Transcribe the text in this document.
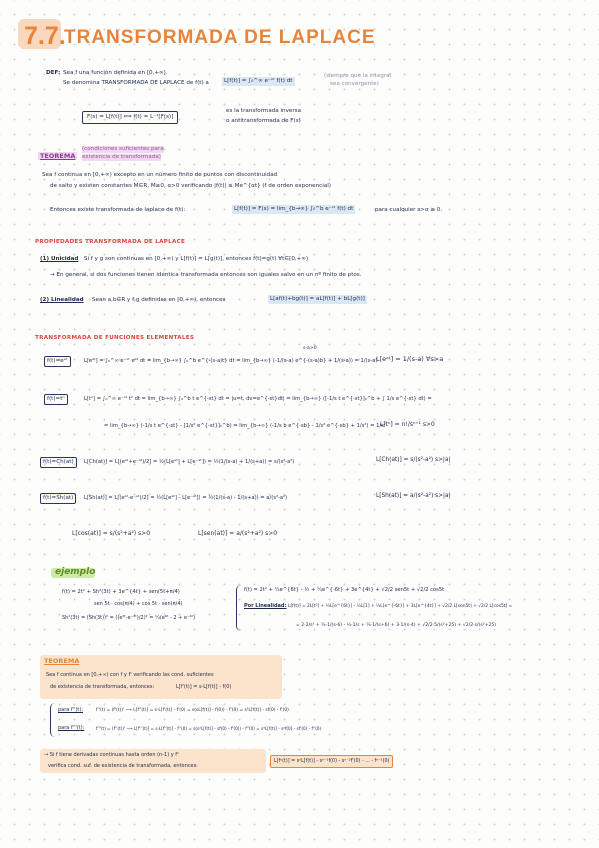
7.7.
TRANSFORMADA DE LAPLACE
DEF: Sea f una función definida en [0,+∞).
Se denomina TRANSFORMADA DE LAPLACE de f(t) a	L[f(t)] = ∫₀^∞ e⁻ˢᵗ f(t) dt
(siempre que la integral
sea convergente)
F(s) = L[f(t)] ⟺ f(t) = L⁻¹[F(s)]
es la transformada inversa
o antitransformada de F(s)
TEOREMA
(condiciones suficientes para
existencia de transformada)
Sea f continua en [0,+∞) excepto en un número finito de puntos con discontinuidad
de salto y existen constantes M∈R, M≥0, α>0 verificando |f(t)| ≤ Me^{αt} (f de orden exponencial)
Entonces existe transformada de laplace de f(t):	L[f(t)] = F(s) = lim_{b→∞} ∫₀^b e⁻ˢᵗ f(t) dt	para cualquier s>α ≥ 0.
PROPIEDADES TRANSFORMADA DE LAPLACE
(1) Unicidad Si f y g son continuas en [0,+∞) y L[f(t)] = L[g(t)], entonces f(t)=g(t) ∀t∈[0,+∞)
→ En general, si dos funciones tienen idéntica transformada entonces son iguales salvo en un nº finito de ptos.
(2) Linealidad Sean a,b∈R y f,g definidas en [0,+∞), entonces	L[af(t)+bg(t)] = aL[f(t)] + bL[g(t)]
TRANSFORMADA DE FUNCIONES ELEMENTALES
s-a>0
f(t)=eᵃᵗ	L[eᵃᵗ] = ∫₀^∞ e⁻ˢᵗ eᵃᵗ dt = lim_{b→∞} ∫₀^b e^{-(s-a)t} dt = lim_{b→∞} (-1/(s-a) e^{-(s-a)b} + 1/(s-a)) = 1/(s-a)
L[eᵃᵗ] = 1/(s-a) ∀s>a
f(t)=tⁿ	L[tⁿ] = ∫₀^∞ e⁻ˢᵗ tⁿ dt = lim_{b→∞} ∫₀^b t e^{-st} dt = |u=t, dv=e^{-st}dt| = lim_{b→∞} ([-1/s t e^{-st}]₀^b + ∫ 1/s e^{-st} dt) =
= lim_{b→∞} (-1/s t e^{-st} - [1/s² e^{-st}]₀^b) = lim_{b→∞} (-1/s b e^{-sb} - 1/s² e^{-sb} + 1/s²) = 1/s²
L[tⁿ] = n!/sⁿ⁺¹ s>0
f(t)=Ch(at)	L[Ch(at)] = L[(eᵃᵗ+e⁻ᵃᵗ)/2] = ½(L[eᵃᵗ] + L[e⁻ᵃᵗ]) = ½(1/(s-a) + 1/(s+a)) = s/(s²-a²)	L[Ch(at)] = s/(s²-a²) s>|a|
f(t)=Sh(at)	L[Sh(at)] = L[(eᵃᵗ-e⁻ᵃᵗ)/2] = ½(L[eᵃᵗ] - L[e⁻ᵃᵗ]) = ½(1/(s-a) - 1/(s+a)) = a/(s²-a²)	L[Sh(at)] = a/(s²-a²) s>|a|
L[cos(at)] = s/(s²+a²) s>0	L[sen(at)] = a/(s²+a²) s>0
ejemplo
f(t) = 2t² + Sh²(3t) + 3e^{4t} + sen(5t+π/4)
sen 5t · cos(π/4) + cos 5t · sen(π/4)
Sh²(3t) = (Sh(3t))² = ((e³ᵗ-e⁻³ᵗ)/2)² = ¼(e⁶ᵗ - 2 + e⁻⁶ᵗ)
f(t) = 2t² + ¼e^{6t} - ½ + ¼e^{-6t} + 3e^{4t} + √2/2 sen5t + √2/2 cos5t
Por Linealidad: L[f(t)] = 2L[t²] + ¼L[e^{6t}] - ½L[1] + ¼L[e^{-6t}] + 3L[e^{4t}] + √2/2 L[sen5t] + √2/2 L[cos5t] =
= 2·2/s³ + ¼·1/(s-6) - ½·1/s + ¼·1/(s+6) + 3·1/(s-4) + √2/2·5/(s²+25) + √2/2·s/(s²+25)
TEOREMA
Sea f continua en [0,+∞) con f y f' verificando las cond. suficientes
de existencia de transformada, entonces:	L[f'(t)] = s·L[f(t)] - f(0)
para f''(t):	f''(t) = (f'(t))' ⟶ L[f''(t)] = s·L[f'(t)] - f'(0) = s(sL[f(t)] - f(0)) - f'(0) = s²L[f(t)] - sf(0) - f'(0)
para f'''(t):	f'''(t) = (f''(t))' ⟶ L[f'''(t)] = s·L[f''(t)] - f''(0) = s(s²L[f(t)] - sf(0) - f'(0)) - f''(0) = s³L[f(t)] - s²f(0) - sf'(0) - f''(0)
→ Si f tiene derivadas continuas hasta orden (n-1) y fⁿ
verifica cond. suf. de existencia de transformada, entonces:
L[fⁿ(t)] = sⁿL[f(t)] - sⁿ⁻¹f(0) - sⁿ⁻²f'(0) - ... - fⁿ⁻¹(0)
